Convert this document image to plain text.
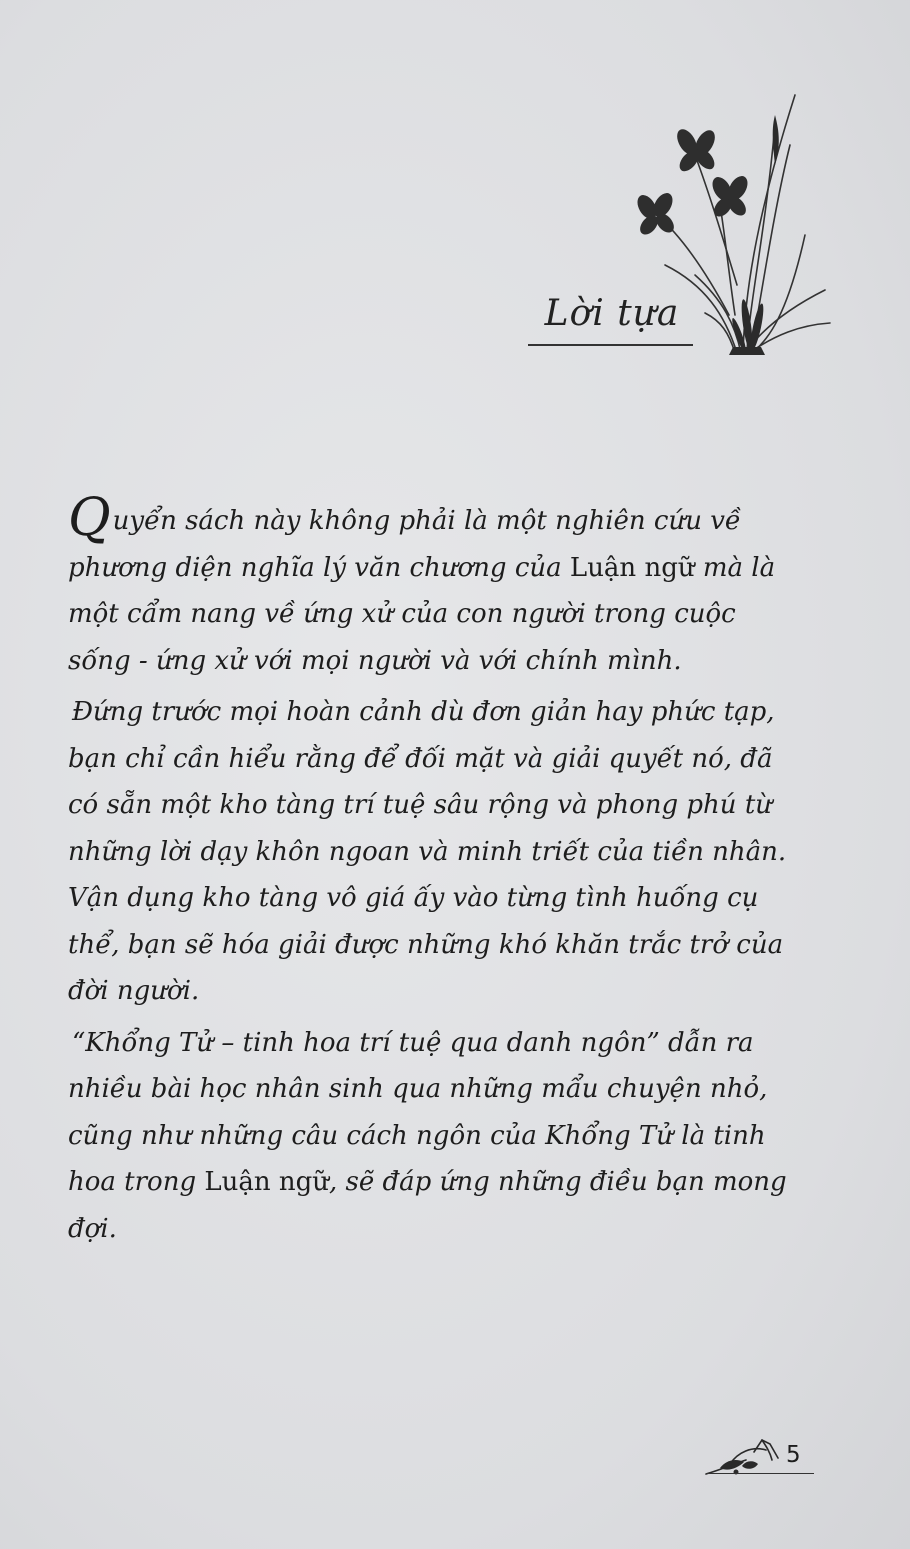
Lời tựa

Quyển sách này không phải là một nghiên cứu về phương diện nghĩa lý văn chương của Luận ngữ mà là một cẩm nang về ứng xử của con người trong cuộc sống - ứng xử với mọi người và với chính mình.

Đứng trước mọi hoàn cảnh dù đơn giản hay phức tạp, bạn chỉ cần hiểu rằng để đối mặt và giải quyết nó, đã có sẵn một kho tàng trí tuệ sâu rộng và phong phú từ những lời dạy khôn ngoan và minh triết của tiền nhân. Vận dụng kho tàng vô giá ấy vào từng tình huống cụ thể, bạn sẽ hóa giải được những khó khăn trắc trở của đời người.

“Khổng Tử – tinh hoa trí tuệ qua danh ngôn” dẫn ra nhiều bài học nhân sinh qua những mẩu chuyện nhỏ, cũng như những câu cách ngôn của Khổng Tử là tinh hoa trong Luận ngữ, sẽ đáp ứng những điều bạn mong đợi.

5
